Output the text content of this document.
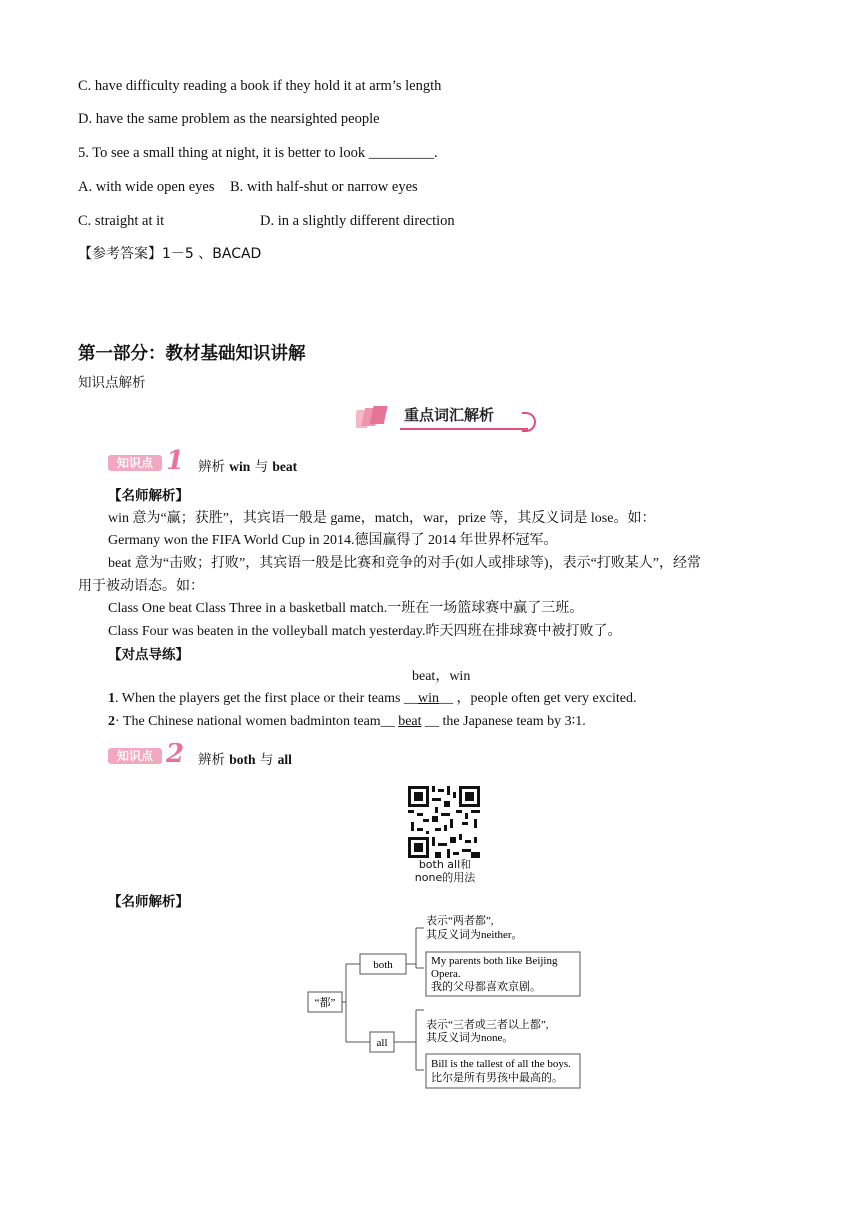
C. have difficulty reading a book if they hold it at arm’s length
D. have the same problem as the nearsighted people
5. To see a small thing at night, it is better to look _________.
A. with wide open eyes B. with half-shut or narrow eyes
C. straight at it	D. in a slightly different direction
【参考答案】1－5 、BACAD
第一部分：教材基础知识讲解
知识点解析
重点词汇解析
知识点 1 辨析 win 与 beat
【名师解析】
win 意为“赢；获胜”，其宾语一般是 game，match，war，prize 等，其反义词是 lose。如：
Germany won the FIFA World Cup in 2014.德国赢得了 2014 年世界杯冠军。
beat 意为“击败；打败”，其宾语一般是比赛和竞争的对手(如人或排球等)，表示“打败某人”，经常
用于被动语态。如：
Class One beat Class Three in a basketball match.一班在一场篮球赛中赢了三班。
Class Four was beaten in the volleyball match yesterday.昨天四班在排球赛中被打败了。
【对点导练】
beat，win
1. When the players get the first place or their teams __win__ ，people often get very excited.
2· The Chinese national women badminton team__ beat __ the Japanese team by 3∶1.
知识点 2 辨析 both 与 all
both all和
none的用法
【名师解析】
“都”
both
表示“两者都”,
其反义词为neither。
My parents both like Beijing
Opera.
我的父母都喜欢京剧。
all
表示“三者或三者以上都”,
其反义词为none。
Bill is the tallest of all the boys.
比尔是所有男孩中最高的。
